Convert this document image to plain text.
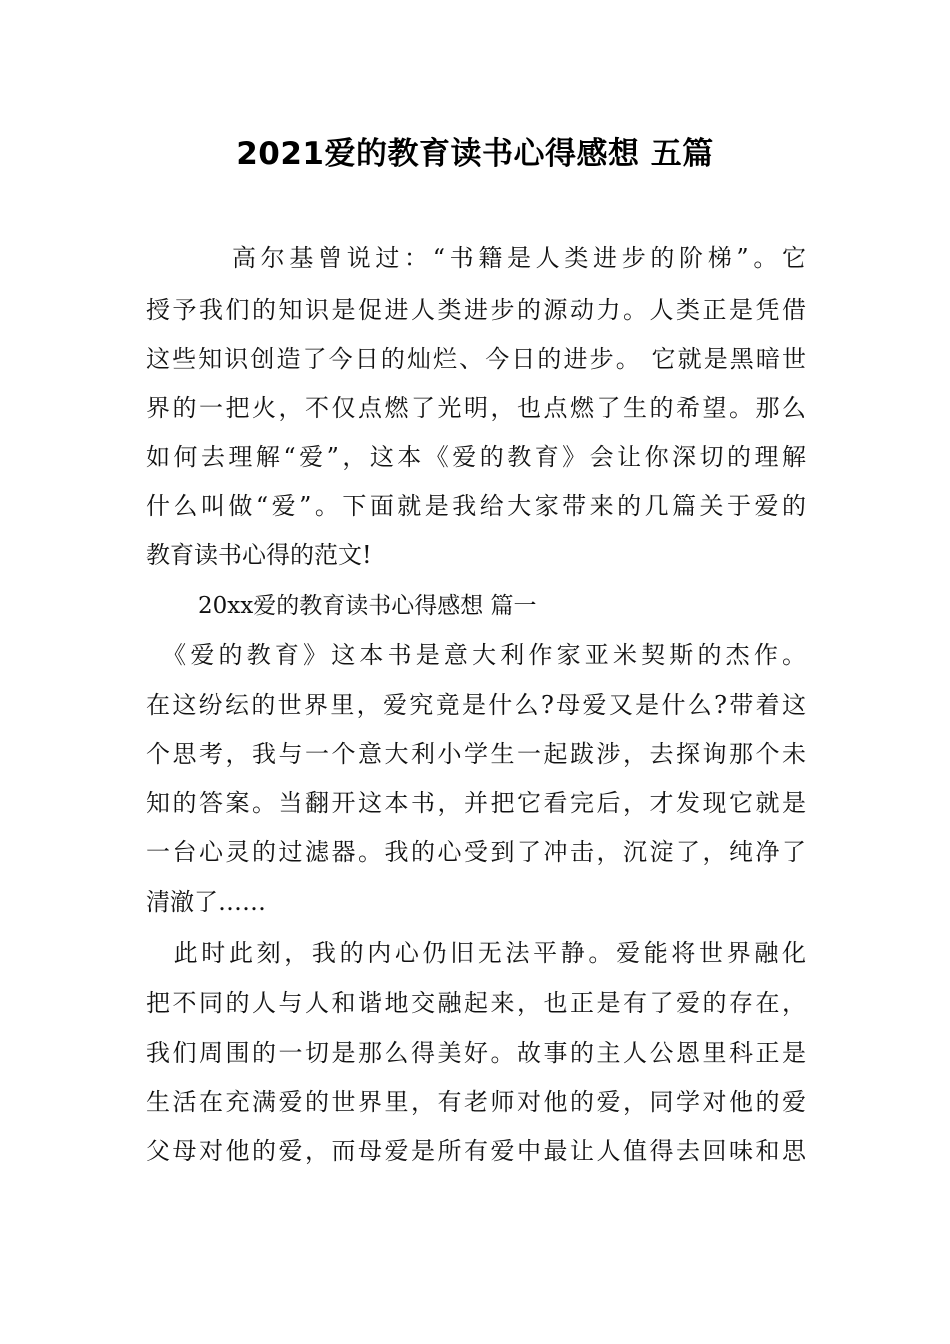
2021爱的教育读书心得感想 五篇
　　　高尔基曾说过：“书籍是人类进步的阶梯”。它
授予我们的知识是促进人类进步的源动力。人类正是凭借
这些知识创造了今日的灿烂、今日的进步。 它就是黑暗世
界的一把火，不仅点燃了光明，也点燃了生的希望。那么
如何去理解“爱”，这本《爱的教育》会让你深切的理解
什么叫做“爱”。下面就是我给大家带来的几篇关于爱的
教育读书心得的范文!
20xx爱的教育读书心得感想 篇一
　《爱的教育》这本书是意大利作家亚米契斯的杰作。
在这纷纭的世界里，爱究竟是什么?母爱又是什么?带着这
个思考，我与一个意大利小学生一起跋涉，去探询那个未
知的答案。当翻开这本书，并把它看完后，才发现它就是
一台心灵的过滤器。我的心受到了冲击，沉淀了，纯净了
清澈了……
　此时此刻，我的内心仍旧无法平静。爱能将世界融化
把不同的人与人和谐地交融起来，也正是有了爱的存在，
我们周围的一切是那么得美好。故事的主人公恩里科正是
生活在充满爱的世界里，有老师对他的爱，同学对他的爱
父母对他的爱，而母爱是所有爱中最让人值得去回味和思
